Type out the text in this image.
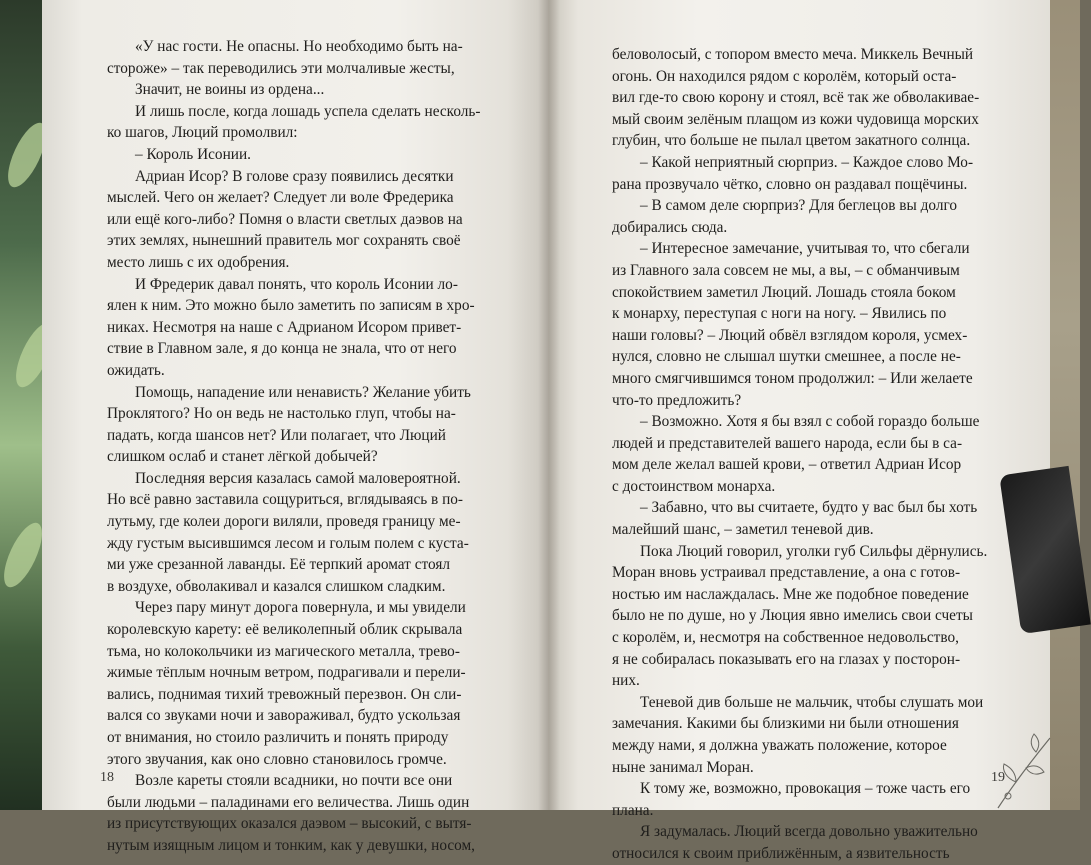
«У нас гости. Не опасны. Но необходимо быть на-
стороже» – так переводились эти молчаливые жесты,
Значит, не воины из ордена...
И лишь после, когда лошадь успела сделать несколь-
ко шагов, Люций промолвил:
– Король Исонии.
Адриан Исор? В голове сразу появились десятки
мыслей. Чего он желает? Следует ли воле Фредерика
или ещё кого-либо? Помня о власти светлых даэвов на
этих землях, нынешний правитель мог сохранять своё
место лишь с их одобрения.
И Фредерик давал понять, что король Исонии ло-
ялен к ним. Это можно было заметить по записям в хро-
никах. Несмотря на наше с Адрианом Исором привет-
ствие в Главном зале, я до конца не знала, что от него
ожидать.
Помощь, нападение или ненависть? Желание убить
Проклятого? Но он ведь не настолько глуп, чтобы на-
падать, когда шансов нет? Или полагает, что Люций
слишком ослаб и станет лёгкой добычей?
Последняя версия казалась самой маловероятной.
Но всё равно заставила сощуриться, вглядываясь в по-
лутьму, где колеи дороги виляли, проведя границу ме-
жду густым высившимся лесом и голым полем с куста-
ми уже срезанной лаванды. Её терпкий аромат стоял
в воздухе, обволакивал и казался слишком сладким.
Через пару минут дорога повернула, и мы увидели
королевскую карету: её великолепный облик скрывала
тьма, но колокольчики из магического металла, трево-
жимые тёплым ночным ветром, подрагивали и перели-
вались, поднимая тихий тревожный перезвон. Он сли-
вался со звуками ночи и завораживал, будто ускользая
от внимания, но стоило различить и понять природу
этого звучания, как оно словно становилось громче.
Возле кареты стояли всадники, но почти все они
были людьми – паладинами его величества. Лишь один
из присутствующих оказался даэвом – высокий, с вытя-
нутым изящным лицом и тонким, как у девушки, носом,
18
беловолосый, с топором вместо меча. Миккель Вечный
огонь. Он находился рядом с королём, который оста-
вил где-то свою корону и стоял, всё так же обволакивае-
мый своим зелёным плащом из кожи чудовища морских
глубин, что больше не пылал цветом закатного солнца.
– Какой неприятный сюрприз. – Каждое слово Мо-
рана прозвучало чётко, словно он раздавал пощёчины.
– В самом деле сюрприз? Для беглецов вы долго
добирались сюда.
– Интересное замечание, учитывая то, что сбегали
из Главного зала совсем не мы, а вы, – с обманчивым
спокойствием заметил Люций. Лошадь стояла боком
к монарху, переступая с ноги на ногу. – Явились по
наши головы? – Люций обвёл взглядом короля, усмех-
нулся, словно не слышал шутки смешнее, а после не-
много смягчившимся тоном продолжил: – Или желаете
что-то предложить?
– Возможно. Хотя я бы взял с собой гораздо больше
людей и представителей вашего народа, если бы в са-
мом деле желал вашей крови, – ответил Адриан Исор
с достоинством монарха.
– Забавно, что вы считаете, будто у вас был бы хоть
малейший шанс, – заметил теневой див.
Пока Люций говорил, уголки губ Сильфы дёрнулись.
Моран вновь устраивал представление, а она с готов-
ностью им наслаждалась. Мне же подобное поведение
было не по душе, но у Люция явно имелись свои счеты
с королём, и, несмотря на собственное недовольство,
я не собиралась показывать его на глазах у посторон-
них.
Теневой див больше не мальчик, чтобы слушать мои
замечания. Какими бы близкими ни были отношения
между нами, я должна уважать положение, которое
ныне занимал Моран.
К тому же, возможно, провокация – тоже часть его
плана.
Я задумалась. Люций всегда довольно уважительно
относился к своим приближённым, а язвительность
19
